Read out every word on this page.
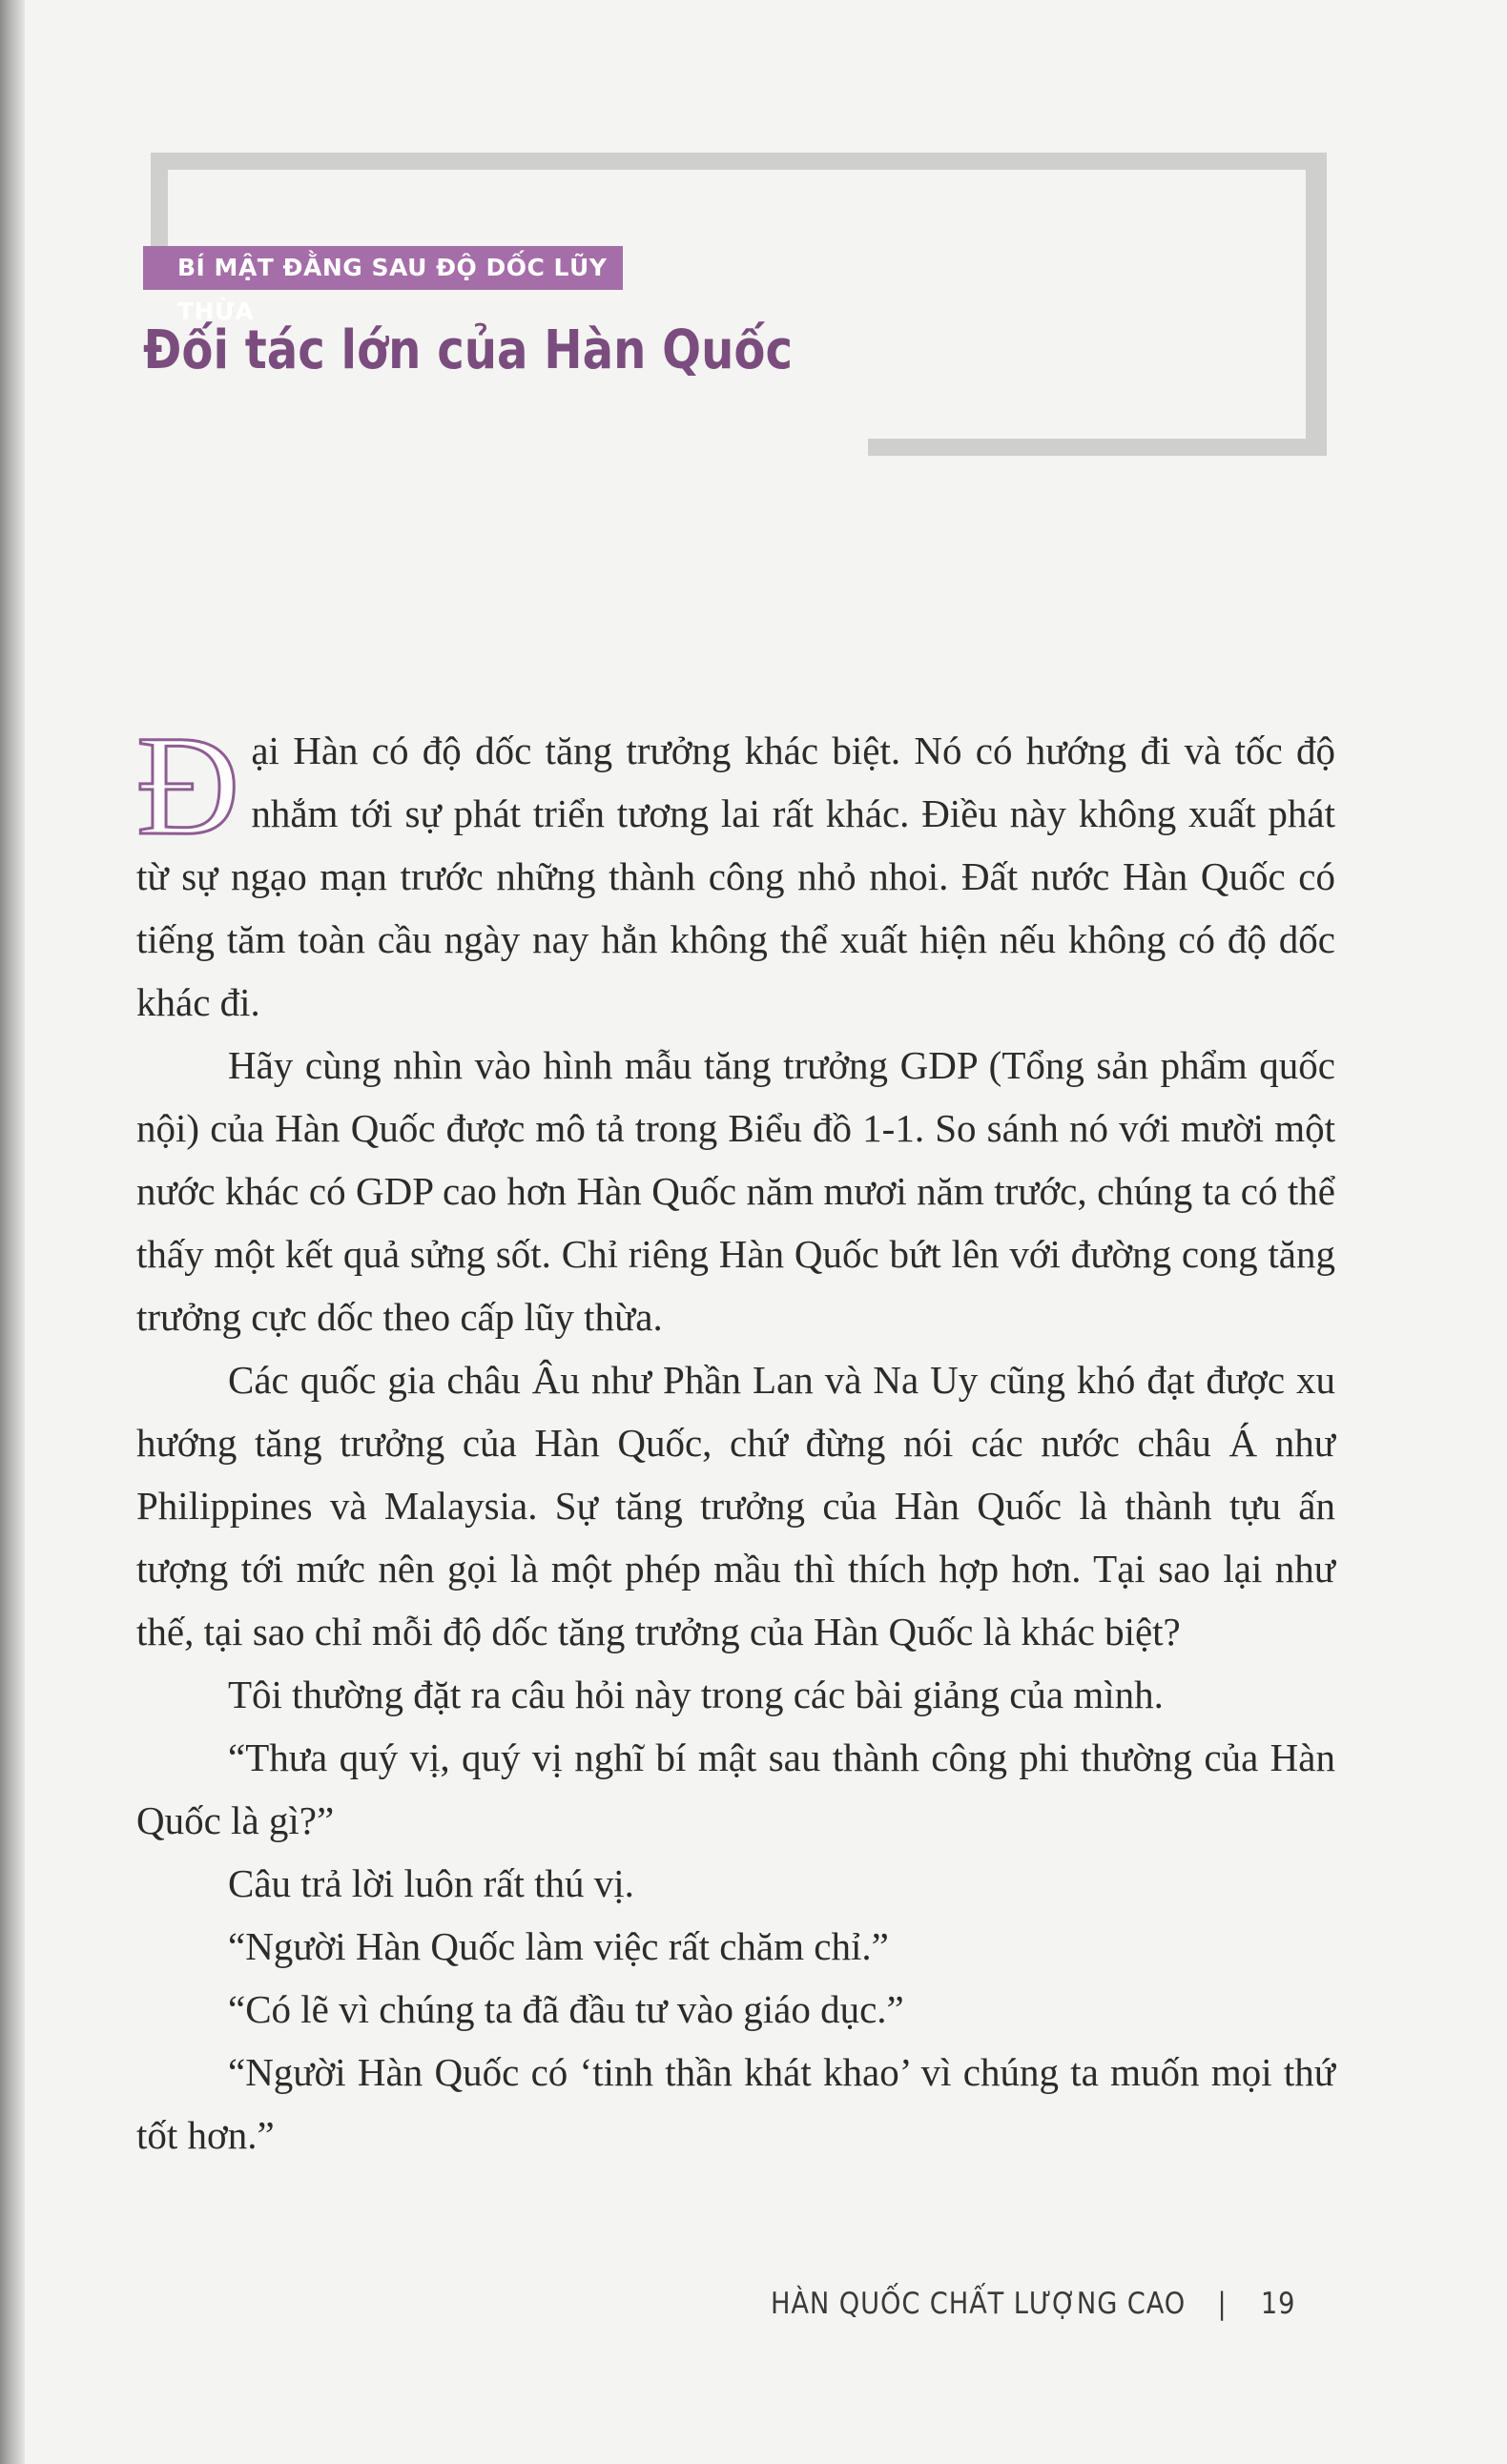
BÍ MẬT ĐẰNG SAU ĐỘ DỐC LŨY THỪA
Đối tác lớn của Hàn Quốc

Đại Hàn có độ dốc tăng trưởng khác biệt. Nó có hướng đi và tốc độ nhắm tới sự phát triển tương lai rất khác. Điều này không xuất phát từ sự ngạo mạn trước những thành công nhỏ nhoi. Đất nước Hàn Quốc có tiếng tăm toàn cầu ngày nay hẳn không thể xuất hiện nếu không có độ dốc khác đi.

Hãy cùng nhìn vào hình mẫu tăng trưởng GDP (Tổng sản phẩm quốc nội) của Hàn Quốc được mô tả trong Biểu đồ 1-1. So sánh nó với mười một nước khác có GDP cao hơn Hàn Quốc năm mươi năm trước, chúng ta có thể thấy một kết quả sửng sốt. Chỉ riêng Hàn Quốc bứt lên với đường cong tăng trưởng cực dốc theo cấp lũy thừa.

Các quốc gia châu Âu như Phần Lan và Na Uy cũng khó đạt được xu hướng tăng trưởng của Hàn Quốc, chứ đừng nói các nước châu Á như Philippines và Malaysia. Sự tăng trưởng của Hàn Quốc là thành tựu ấn tượng tới mức nên gọi là một phép mầu thì thích hợp hơn. Tại sao lại như thế, tại sao chỉ mỗi độ dốc tăng trưởng của Hàn Quốc là khác biệt?

Tôi thường đặt ra câu hỏi này trong các bài giảng của mình.

“Thưa quý vị, quý vị nghĩ bí mật sau thành công phi thường của Hàn Quốc là gì?”

Câu trả lời luôn rất thú vị.

“Người Hàn Quốc làm việc rất chăm chỉ.”

“Có lẽ vì chúng ta đã đầu tư vào giáo dục.”

“Người Hàn Quốc có ‘tinh thần khát khao’ vì chúng ta muốn mọi thứ tốt hơn.”

HÀN QUỐC CHẤT LƯỢNG CAO | 19
